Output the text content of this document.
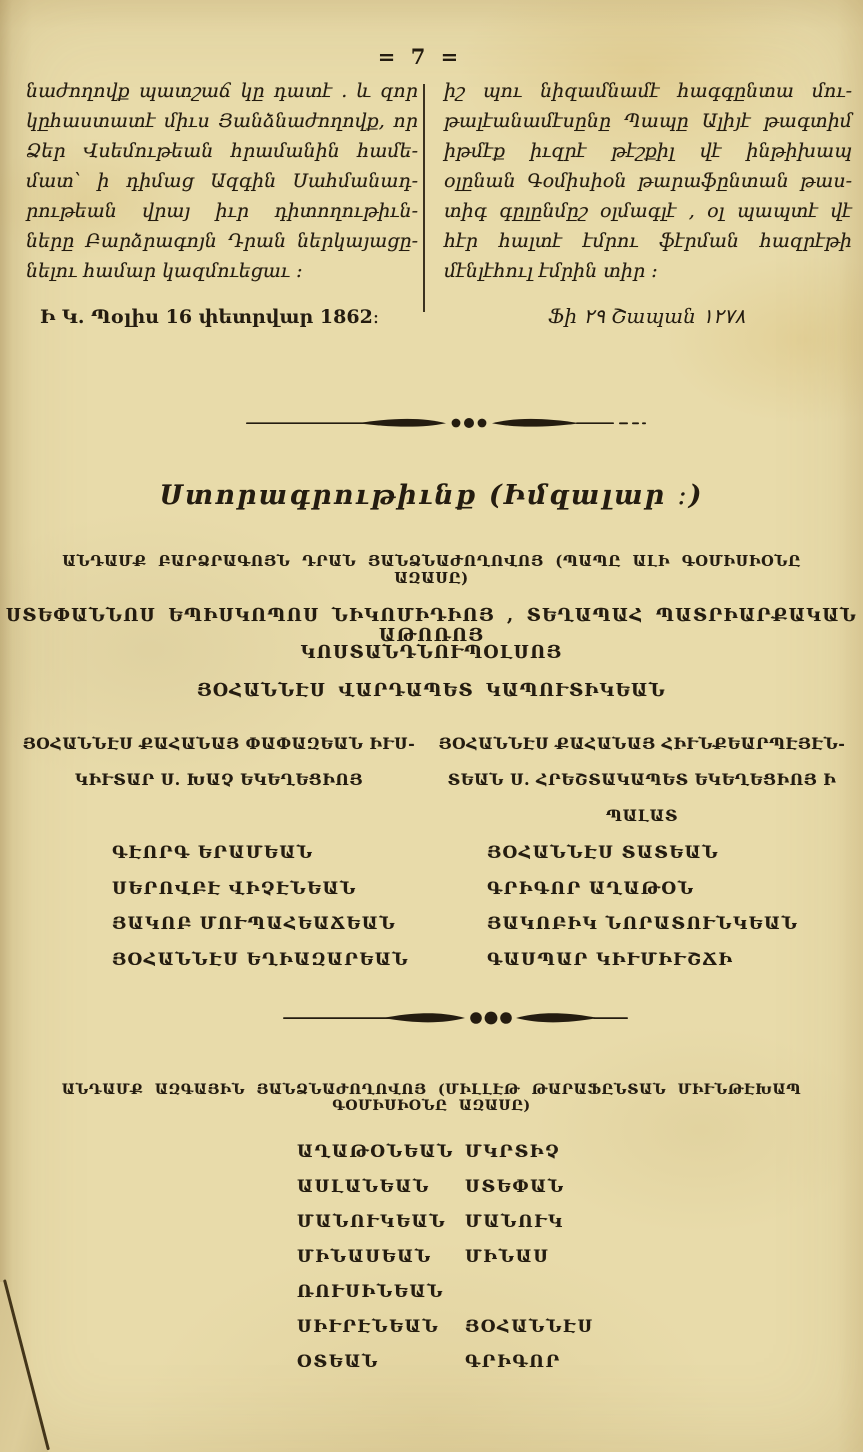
= 7 =
նաժողովք պատշաճ կը դատէ . և զոր
կըհաստատէ միւս Յանձնաժողովք, որ
Ձեր Վսեմութեան հրամանին համե-
մատ՝ ի դիմաց Ազգին Սահմանադ-
րութեան վրայ իւր դիտողութիւն-
ները Բարձրագոյն Դրան ներկայացը-
նելու համար կազմուեցաւ ։
իշ պու նիզամնամէ հագգընտա մու-
թալէանամէսընը Պապը Ալիյէ թագտիմ
իթմէք իւզրէ թէշքիլ վէ ինթիխապ
օլընան Գօմիսիօն թարաֆընտան թաս-
տիգ գըլընմըշ օլմագլէ , օլ պապտէ վէ
հէր հալտէ էմրու ֆէրման հազրէթի
մէնլէհուլ էմրին տիր ։
Ի Կ. Պօլիս 16 փետրվար 1862։	Ֆի ٢٩ Շապան ١٢٧٨
Ստորագրութիւնք (Իմզալար ։)
ԱՆԴԱՄՔ ԲԱՐՁՐԱԳՈՅՆ ԴՐԱՆ ՅԱՆՁՆԱԺՈՂՈՎՈՅ (ՊԱՊԸ ԱԼԻ ԳՕՄԻՍԻՕՆԸ ԱԶԱՍԸ)
ՍՏԵՓԱՆՆՈՍ ԵՊԻՍԿՈՊՈՍ ՆԻԿՈՄԻԴԻՈՅ , ՏԵՂԱՊԱՀ ՊԱՏՐԻԱՐՔԱԿԱՆ ԱԹՈՌՈՅ
ԿՈՍՏԱՆԴՆՈՒՊՕԼՍՈՅ
ՅՕՀԱՆՆԷՍ ՎԱՐԴԱՊԵՏ ԿԱՊՈՒՏԻԿԵԱՆ
ՅՕՀԱՆՆԷՍ ՔԱՀԱՆԱՅ ՓԱՓԱԶԵԱՆ ԻՒՍ-
ԿԻՒՏԱՐ Ս. ԽԱՉ ԵԿԵՂԵՑԻՈՅ
ՅՕՀԱՆՆԷՍ ՔԱՀԱՆԱՅ ՀԻՒՆՔԵԱՐՊԷՅԷՆ-
ՏԵԱՆ Ս. ՀՐԵՇՏԱԿԱՊԵՏ ԵԿԵՂԵՑԻՈՅ Ի ՊԱԼԱՏ
ԳԷՈՐԳ ԵՐԱՄԵԱՆ
ՍԵՐՈՎԲԷ ՎԻՉԷՆԵԱՆ
ՅԱԿՈԲ ՄՈՒՊԱՀԵԱՃԵԱՆ
ՅՕՀԱՆՆԷՍ ԵՂԻԱԶԱՐԵԱՆ
ՅՕՀԱՆՆԷՍ ՏԱՏԵԱՆ
ԳՐԻԳՈՐ ԱՂԱԹՕՆ
ՅԱԿՈԲԻԿ ՆՈՐԱՏՈՒՆԿԵԱՆ
ԳԱՍՊԱՐ ԿԻՒՄԻՒՇՃԻ
ԱՆԴԱՄՔ ԱԶԳԱՅԻՆ ՅԱՆՁՆԱԺՈՂՈՎՈՅ (ՄԻԼԼԷԹ ԹԱՐԱՖԸՆՏԱՆ ՄԻՒՆԹԷԽԱՊ ԳՕՄԻՍԻՕՆԸ ԱԶԱՍԸ)
ԱՂԱԹՕՆԵԱՆ ՄԿՐՏԻՉ
ԱՍԼԱՆԵԱՆ	ՍՏԵՓԱՆ
ՄԱՆՈՒԿԵԱՆ	ՄԱՆՈՒԿ
ՄԻՆԱՍԵԱՆ	ՄԻՆԱՍ
ՌՈՒՍԻՆԵԱՆ
ՍԻՒՐԷՆԵԱՆ	ՅՕՀԱՆՆԷՍ
ՕՏԵԱՆ	ԳՐԻԳՈՐ
